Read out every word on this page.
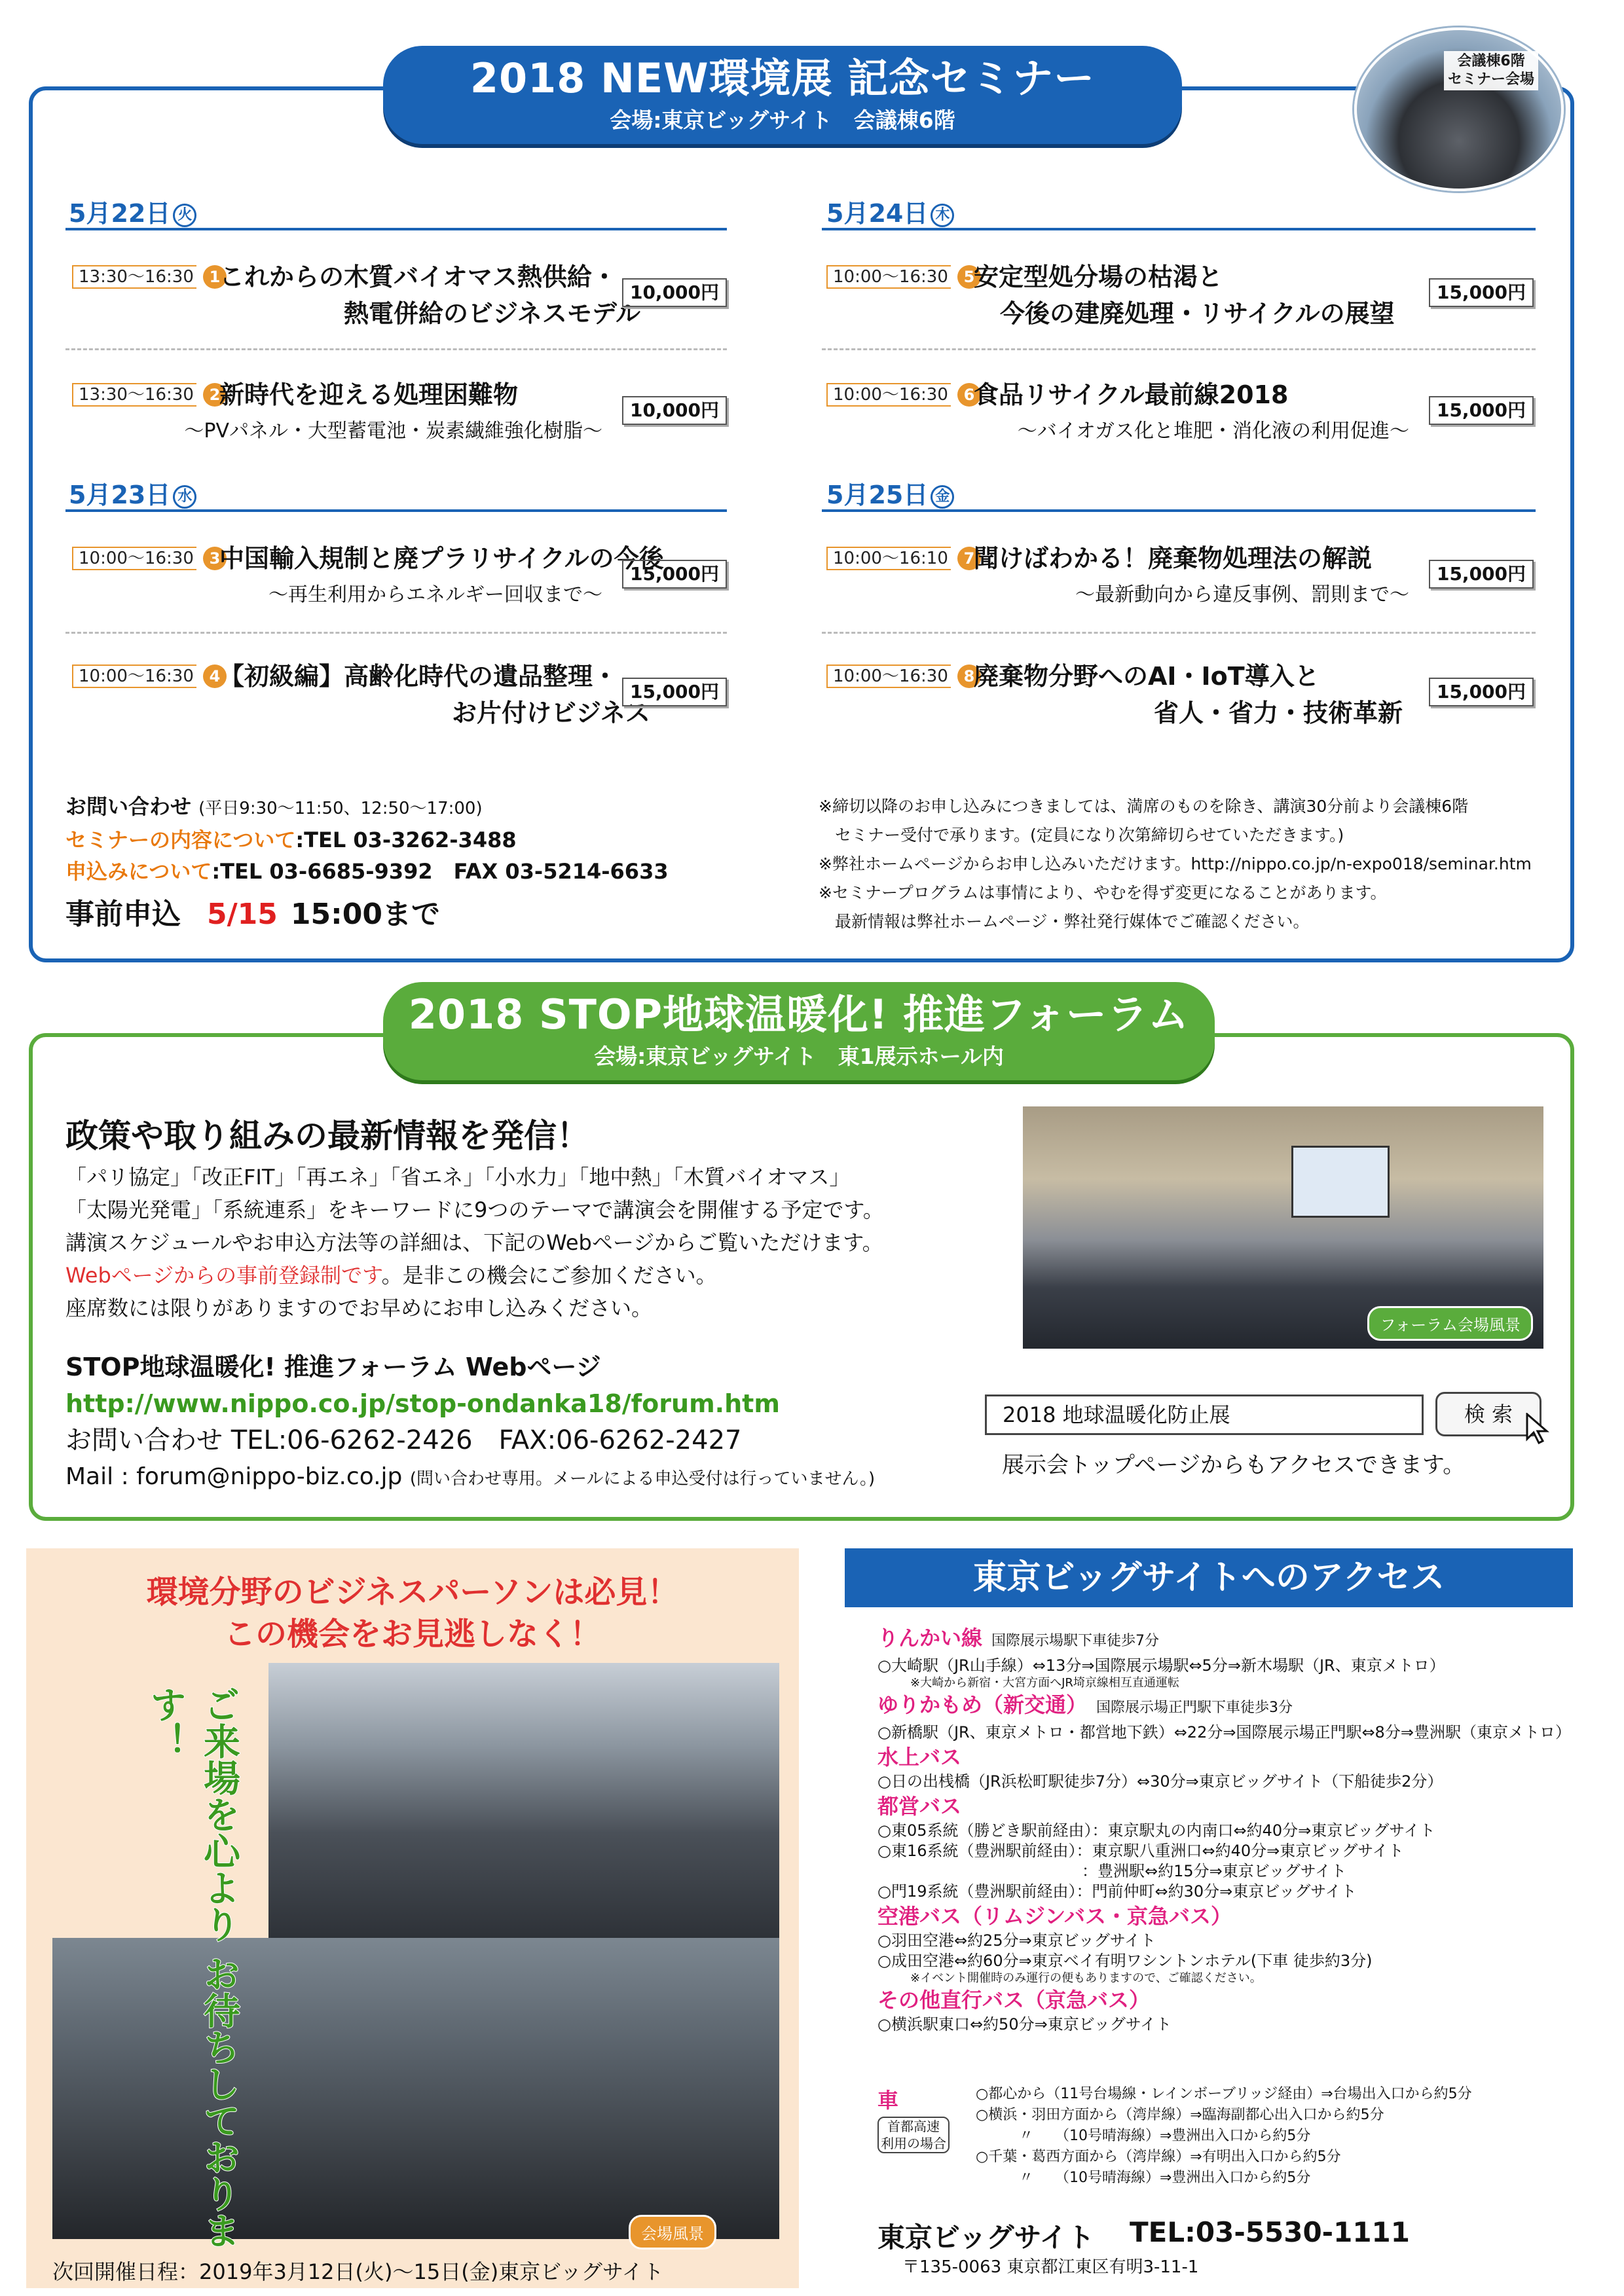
2018 NEW環境展 記念セミナー
会場:東京ビッグサイト　会議棟6階
会議棟6階
セミナー会場
5月22日 火	5月24日 木
5月23日 水	5月25日 金
13:30〜16:30 1
これからの木質バイオマス熱供給・
熱電併給のビジネスモデル
10,000円
13:30〜16:30 2
新時代を迎える処理困難物
〜PVパネル・大型蓄電池・炭素繊維強化樹脂〜
10,000円
10:00〜16:30 3
中国輸入規制と廃プラリサイクルの今後
〜再生利用からエネルギー回収まで〜
15,000円
10:00〜16:30 4
【初級編】高齢化時代の遺品整理・
お片付けビジネス
15,000円
10:00〜16:30 5
安定型処分場の枯渇と
今後の建廃処理・リサイクルの展望
15,000円
10:00〜16:30 6
食品リサイクル最前線2018
〜バイオガス化と堆肥・消化液の利用促進〜
15,000円
10:00〜16:10 7
聞けばわかる！廃棄物処理法の解説
〜最新動向から違反事例、罰則まで〜
15,000円
10:00〜16:30 8
廃棄物分野へのAI・IoT導入と
省人・省力・技術革新
15,000円
お問い合わせ (平日9:30〜11:50、12:50〜17:00)
セミナーの内容について:TEL 03-3262-3488
申込みについて:TEL 03-6685-9392　FAX 03-5214-6633
事前申込 5/15 15:00まで
※締切以降のお申し込みにつきましては、満席のものを除き、講演30分前より会議棟6階
　セミナー受付で承ります。(定員になり次第締切らせていただきます。)
※弊社ホームページからお申し込みいただけます。http://nippo.co.jp/n-expo018/seminar.htm
※セミナープログラムは事情により、やむを得ず変更になることがあります。
　最新情報は弊社ホームページ・弊社発行媒体でご確認ください。
2018 STOP地球温暖化! 推進フォーラム
会場:東京ビッグサイト　東1展示ホール内
政策や取り組みの最新情報を発信！
「パリ協定」「改正FIT」「再エネ」「省エネ」「小水力」「地中熱」「木質バイオマス」
「太陽光発電」「系統連系」をキーワードに9つのテーマで講演会を開催する予定です。
講演スケジュールやお申込方法等の詳細は、下記のWebページからご覧いただけます。
Webページからの事前登録制です。是非この機会にご参加ください。
座席数には限りがありますのでお早めにお申し込みください。
STOP地球温暖化! 推進フォーラム Webページ
http://www.nippo.co.jp/stop-ondanka18/forum.htm
お問い合わせ TEL:06-6262-2426　FAX:06-6262-2427
Mail : forum@nippo-biz.co.jp (問い合わせ専用。メールによる申込受付は行っていません。)
フォーラム会場風景
2018 地球温暖化防止展	検 索
展示会トップページからもアクセスできます。
環境分野のビジネスパーソンは必見！
この機会をお見逃しなく！
ご来場を心より お待ちしております！
会場風景
次回開催日程：2019年3月12日(火)〜15日(金)東京ビッグサイト
東京ビッグサイトへのアクセス
りんかい線 国際展示場駅下車徒歩7分
○大崎駅（JR山手線）⇔13分⇒国際展示場駅⇔5分⇒新木場駅（JR、東京メトロ）
※大崎から新宿・大宮方面へJR埼京線相互直通運転
ゆりかもめ（新交通） 国際展示場正門駅下車徒歩3分
○新橋駅（JR、東京メトロ・都営地下鉄）⇔22分⇒国際展示場正門駅⇔8分⇒豊洲駅（東京メトロ）
水上バス
○日の出桟橋（JR浜松町駅徒歩7分）⇔30分⇒東京ビッグサイト（下船徒歩2分）
都営バス
○東05系統（勝どき駅前経由）：東京駅丸の内南口⇔約40分⇒東京ビッグサイト
○東16系統（豊洲駅前経由）：東京駅八重洲口⇔約40分⇒東京ビッグサイト
　　　　　　　　　　　　　：豊洲駅⇔約15分⇒東京ビッグサイト
○門19系統（豊洲駅前経由）：門前仲町⇔約30分⇒東京ビッグサイト
空港バス（リムジンバス・京急バス）
○羽田空港⇔約25分⇒東京ビッグサイト
○成田空港⇔約60分⇒東京ベイ有明ワシントンホテル(下車 徒歩約3分)
※イベント開催時のみ運行の便もありますので、ご確認ください。
その他直行バス（京急バス）
○横浜駅東口⇔約50分⇒東京ビッグサイト
車
首都高速
利用の場合
○都心から（11号台場線・レインボーブリッジ経由）⇒台場出入口から約5分
○横浜・羽田方面から（湾岸線）⇒臨海副都心出入口から約5分
　　　〃　　（10号晴海線）⇒豊洲出入口から約5分
○千葉・葛西方面から（湾岸線）⇒有明出入口から約5分
　　　〃　　（10号晴海線）⇒豊洲出入口から約5分
東京ビッグサイト TEL:03-5530-1111
〒135-0063 東京都江東区有明3-11-1
